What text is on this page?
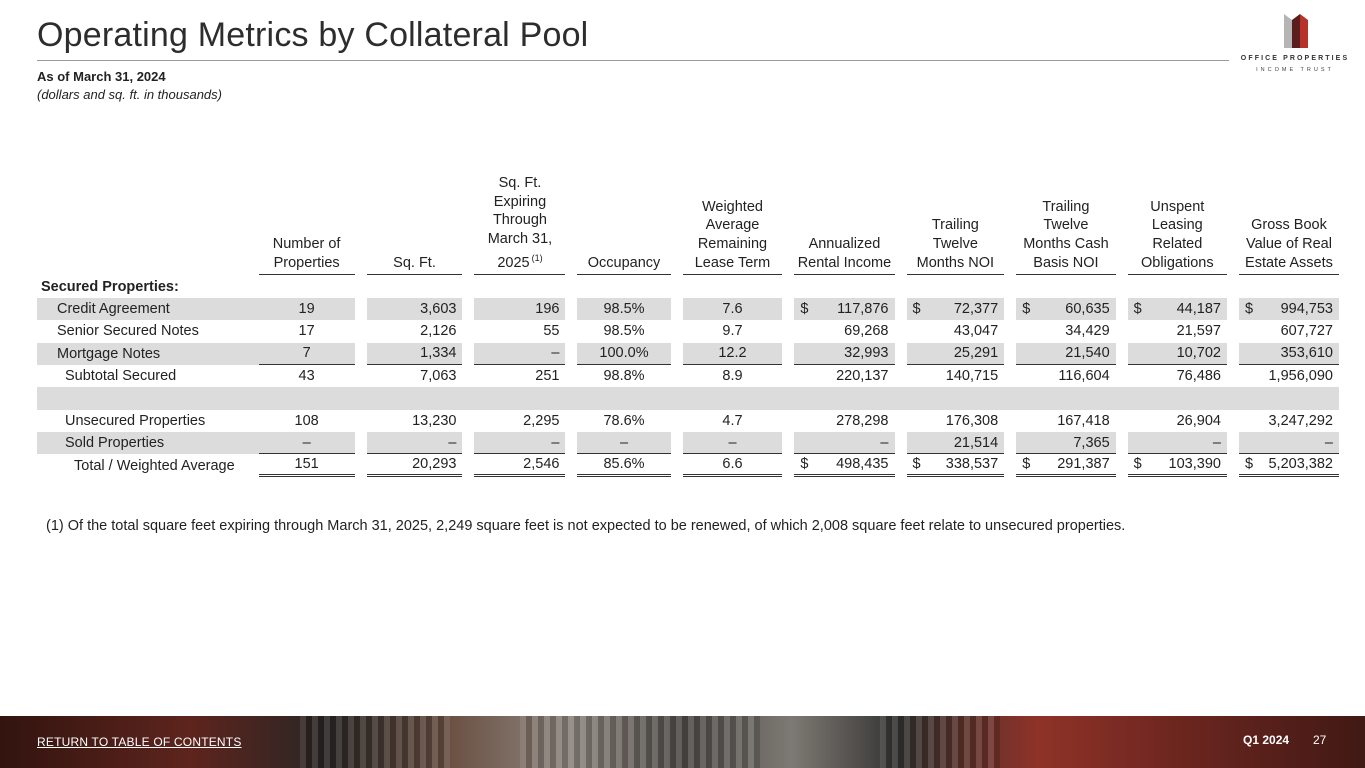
Operating Metrics by Collateral Pool
As of March 31, 2024
(dollars and sq. ft. in thousands)
OFFICE PROPERTIES
INCOME TRUST
	Number of Properties		Sq. Ft.		Sq. Ft. Expiring Through March 31, 2025 $^{(1)}$		Occupancy		Weighted Average Remaining Lease Term		Annualized Rental Income		Trailing Twelve Months NOI		Trailing Twelve Months Cash Basis NOI		Unspent Leasing Related Obligations		Gross Book Value of Real Estate Assets
Secured Properties:																			
Credit Agreement	19		3,603		196		98.5%		7.6		$ 117,876		$ 72,377		$ 60,635		$ 44,187		$ 994,753
Senior Secured Notes	17		2,126		55		98.5%		9.7		69,268		43,047		34,429		21,597		607,727
Mortgage Notes	7		1,334		–		100.0%		12.2		32,993		25,291		21,540		10,702		353,610
Subtotal Secured	43		7,063		251		98.8%		8.9		220,137		140,715		116,604		76,486		1,956,090

Unsecured Properties	108		13,230		2,295		78.6%		4.7		278,298		176,308		167,418		26,904		3,247,292
Sold Properties	–		–		–		–		–		–		21,514		7,365		–		–
Total / Weighted Average	151		20,293		2,546		85.6%		6.6		$ 498,435		$ 338,537		$ 291,387		$ 103,390		$ 5,203,382
(1) Of the total square feet expiring through March 31, 2025, 2,249 square feet is not expected to be renewed, of which 2,008 square feet relate to unsecured properties.
RETURN TO TABLE OF CONTENTS	Q1 2024 27
